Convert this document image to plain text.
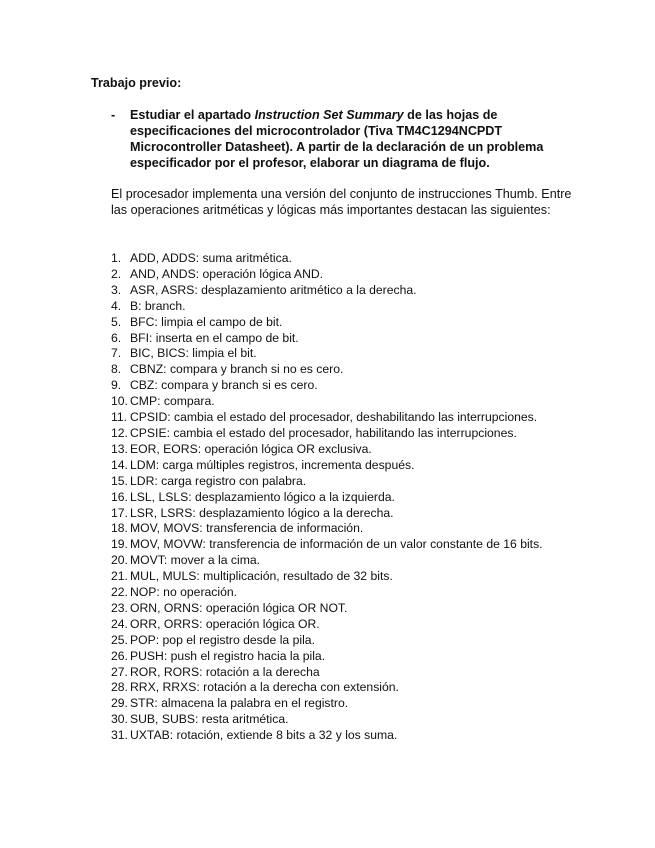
Trabajo previo:
- Estudiar el apartado Instruction Set Summary de las hojas de especificaciones del microcontrolador (Tiva TM4C1294NCPDT Microcontroller Datasheet). A partir de la declaración de un problema especificador por el profesor, elaborar un diagrama de flujo.

El procesador implementa una versión del conjunto de instrucciones Thumb. Entre las operaciones aritméticas y lógicas más importantes destacan las siguientes:

1. ADD, ADDS: suma aritmética.
2. AND, ANDS: operación lógica AND.
3. ASR, ASRS: desplazamiento aritmético a la derecha.
4. B: branch.
5. BFC: limpia el campo de bit.
6. BFI: inserta en el campo de bit.
7. BIC, BICS: limpia el bit.
8. CBNZ: compara y branch si no es cero.
9. CBZ: compara y branch si es cero.
10. CMP: compara.
11. CPSID: cambia el estado del procesador, deshabilitando las interrupciones.
12. CPSIE: cambia el estado del procesador, habilitando las interrupciones.
13. EOR, EORS: operación lógica OR exclusiva.
14. LDM: carga múltiples registros, incrementa después.
15. LDR: carga registro con palabra.
16. LSL, LSLS: desplazamiento lógico a la izquierda.
17. LSR, LSRS: desplazamiento lógico a la derecha.
18. MOV, MOVS: transferencia de información.
19. MOV, MOVW: transferencia de información de un valor constante de 16 bits.
20. MOVT: mover a la cima.
21. MUL, MULS: multiplicación, resultado de 32 bits.
22. NOP: no operación.
23. ORN, ORNS: operación lógica OR NOT.
24. ORR, ORRS: operación lógica OR.
25. POP: pop el registro desde la pila.
26. PUSH: push el registro hacia la pila.
27. ROR, RORS: rotación a la derecha
28. RRX, RRXS: rotación a la derecha con extensión.
29. STR: almacena la palabra en el registro.
30. SUB, SUBS: resta aritmética.
31. UXTAB: rotación, extiende 8 bits a 32 y los suma.
